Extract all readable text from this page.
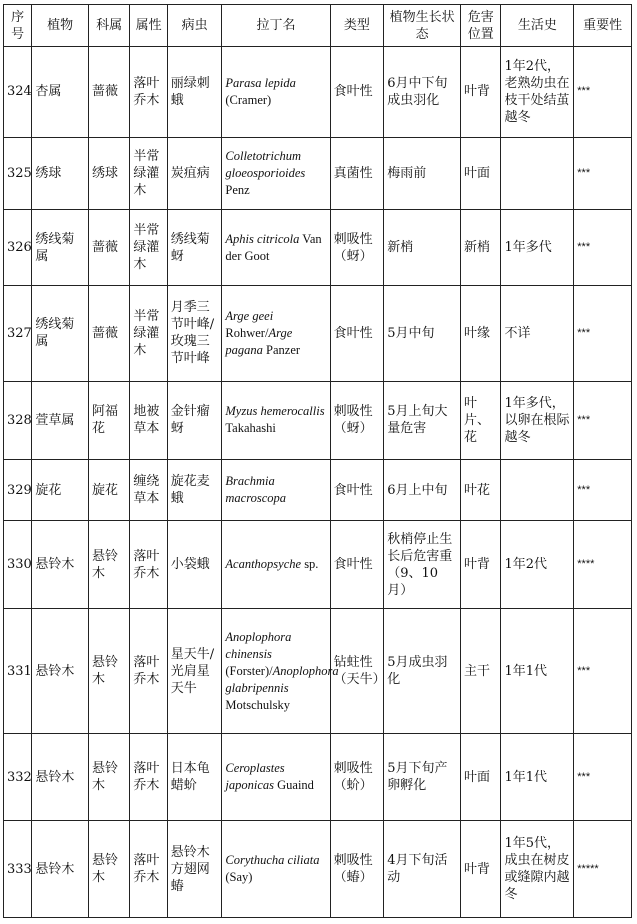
序号	植物	科属	属性	病虫	拉丁名	类型	植物生长状态	危害位置	生活史	重要性
324	杏属	蔷薇	落叶乔木	丽绿刺蛾	Parasa lepida (Cramer)	食叶性	6月中下旬成虫羽化	叶背	1年2代，老熟幼虫在枝干处结茧越冬	***
325	绣球	绣球	半常绿灌木	炭疽病	Colletotrichum gloeosporioides Penz	真菌性	梅雨前	叶面		***
326	绣线菊属	蔷薇	半常绿灌木	绣线菊蚜	Aphis citricola Van der Goot	刺吸性（蚜）	新梢	新梢	1年多代	***
327	绣线菊属	蔷薇	半常绿灌木	月季三节叶峰/玫瑰三节叶峰	Arge geei Rohwer/Arge pagana Panzer	食叶性	5月中旬	叶缘	不详	***
328	萱草属	阿福花	地被草本	金针瘤蚜	Myzus hemerocallis Takahashi	刺吸性（蚜）	5月上旬大量危害	叶片、花	1年多代，以卵在根际越冬	***
329	旋花	旋花	缠绕草本	旋花麦蛾	Brachmia macroscopa	食叶性	6月上中旬	叶花		***
330	悬铃木	悬铃木	落叶乔木	小袋蛾	Acanthopsyche sp.	食叶性	秋梢停止生长后危害重（9、10月）	叶背	1年2代	****
331	悬铃木	悬铃木	落叶乔木	星天牛/光肩星天牛	Anoplophora chinensis (Forster)/Anoplophora glabripennis Motschulsky	钻蛀性（天牛）	5月成虫羽化	主干	1年1代	***
332	悬铃木	悬铃木	落叶乔木	日本龟蜡蚧	Ceroplastes japonicas Guaind	刺吸性（蚧）	5月下旬产卵孵化	叶面	1年1代	***
333	悬铃木	悬铃木	落叶乔木	悬铃木方翅网蝽	Corythucha ciliata (Say)	刺吸性（蝽）	4月下旬活动	叶背	1年5代，成虫在树皮或缝隙内越冬	*****
